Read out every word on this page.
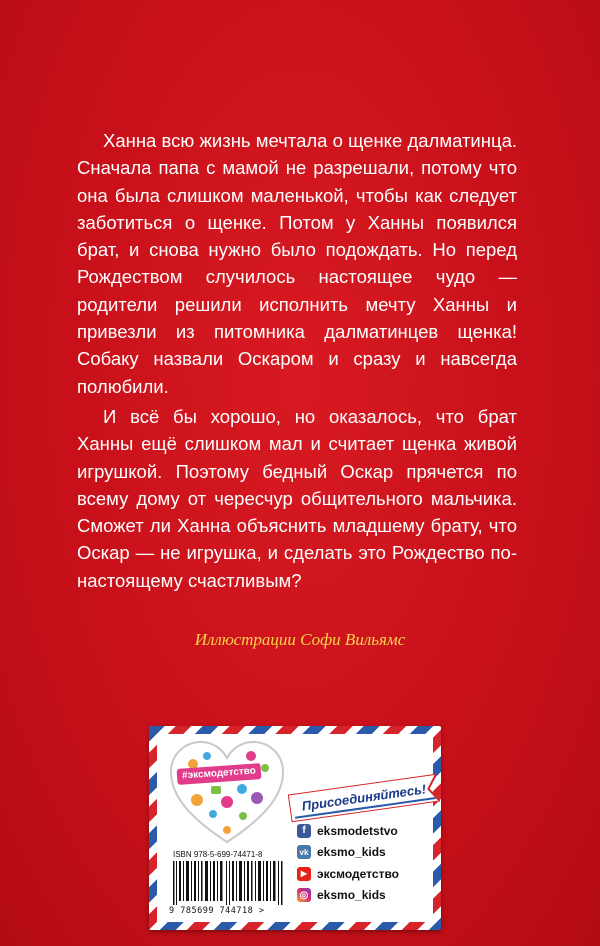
Ханна всю жизнь мечтала о щенке далматинца. Сначала папа с мамой не разрешали, потому что она была слишком маленькой, чтобы как следует заботиться о щенке. Потом у Ханны появился брат, и снова нужно было подождать. Но перед Рождеством случилось настоящее чудо — родители решили исполнить мечту Ханны и привезли из питомника далматинцев щенка! Собаку назвали Оскаром и сразу и навсегда полюбили.

И всё бы хорошо, но оказалось, что брат Ханны ещё слишком мал и считает щенка живой игрушкой. Поэтому бедный Оскар прячется по всему дому от чересчур общительного мальчика. Сможет ли Ханна объяснить младшему брату, что Оскар — не игрушка, и сделать это Рождество по-настоящему счастливым?

Иллюстрации Софи Вильямс
#эксмодетство
Присоединяйтесь!
ISBN 978-5-699-74471-8
9 785699 744718 >
f eksmodetstvo
vk eksmo_kids
▶ эксмодетство
◎ eksmo_kids
